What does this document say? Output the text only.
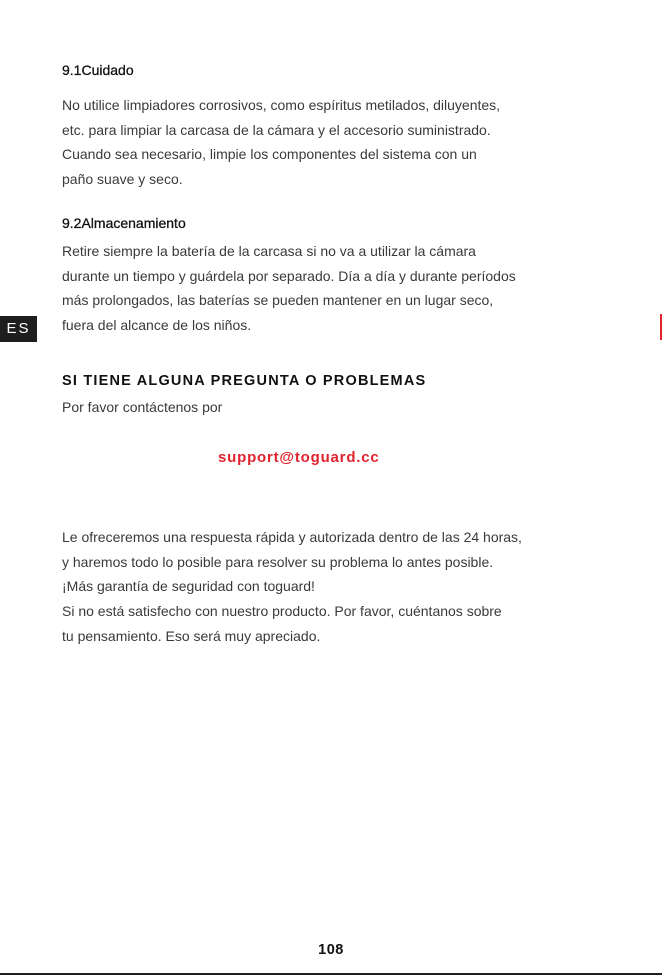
9.1Cuidado

No utilice limpiadores corrosivos, como espíritus metilados, diluyentes,
etc. para limpiar la carcasa de la cámara y el accesorio suministrado.
Cuando sea necesario, limpie los componentes del sistema con un
paño suave y seco.

9.2Almacenamiento

Retire siempre la batería de la carcasa si no va a utilizar la cámara
durante un tiempo y guárdela por separado. Día a día y durante períodos
más prolongados, las baterías se pueden mantener en un lugar seco,
fuera del alcance de los niños.

ES
SI TIENE ALGUNA PREGUNTA O PROBLEMAS
Por favor contáctenos por
support@toguard.cc

Le ofreceremos una respuesta rápida y autorizada dentro de las 24 horas,
y haremos todo lo posible para resolver su problema lo antes posible.
¡Más garantía de seguridad con toguard!
Si no está satisfecho con nuestro producto. Por favor, cuéntanos sobre
tu pensamiento. Eso será muy apreciado.

108
